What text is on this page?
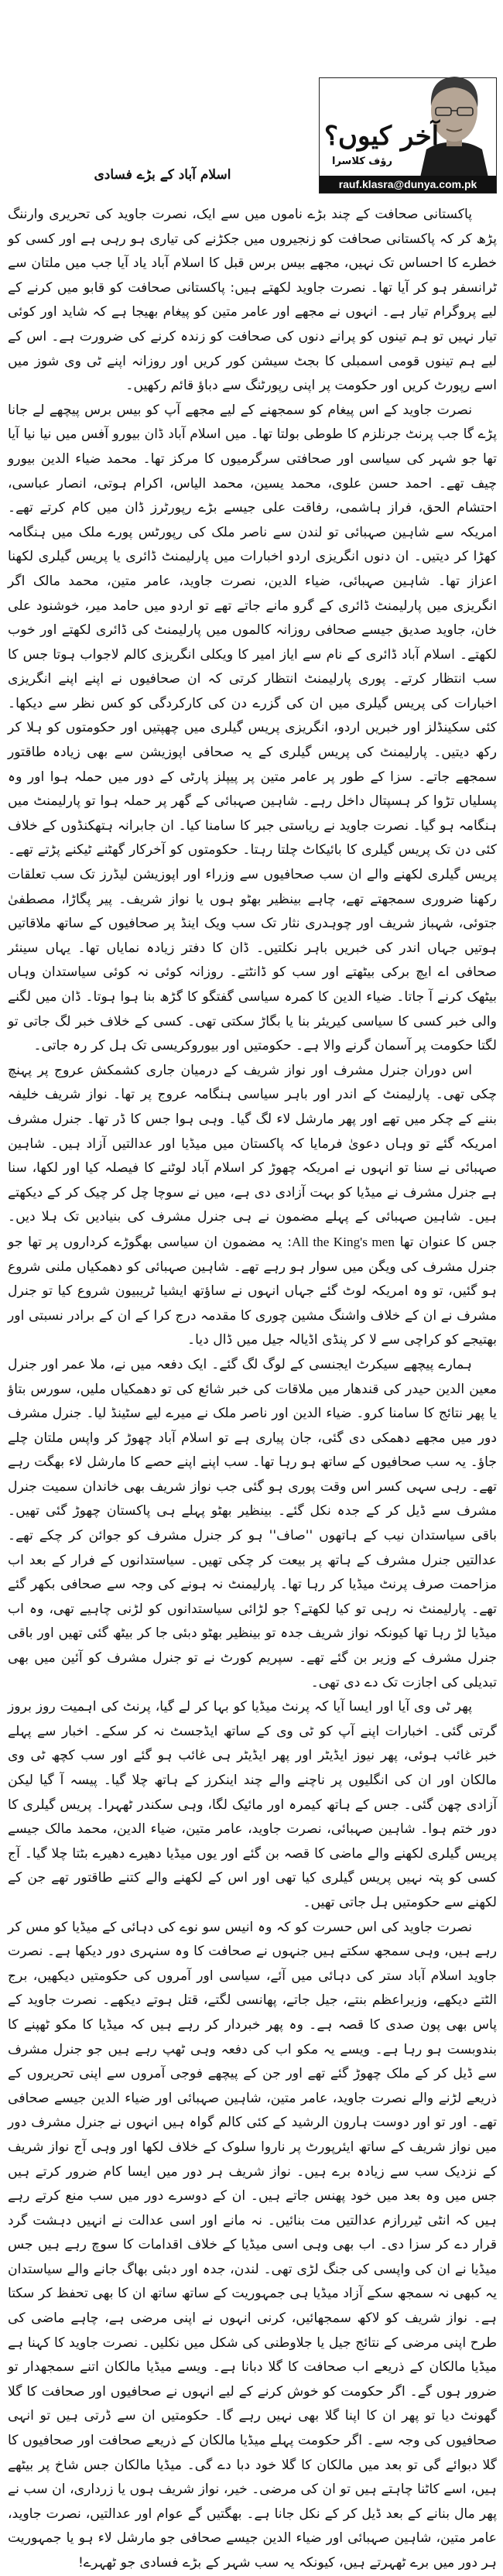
آخر کیوں؟
رؤف کلاسرا
rauf.klasra@dunya.com.pk
اسلام آباد کے بڑے فسادی

پاکستانی صحافت کے چند بڑے ناموں میں سے ایک، نصرت جاوید کی تحریری وارننگ پڑھ کر کہ پاکستانی صحافت کو زنجیروں میں جکڑنے کی تیاری ہو رہی ہے اور کسی کو خطرے کا احساس تک نہیں، مجھے بیس برس قبل کا اسلام آباد یاد آیا جب میں ملتان سے ٹرانسفر ہو کر آیا تھا۔ نصرت جاوید لکھتے ہیں: پاکستانی صحافت کو قابو میں کرنے کے لیے پروگرام تیار ہے۔ انہوں نے مجھے اور عامر متین کو پیغام بھیجا ہے کہ شاید اور کوئی تیار نہیں تو ہم تینوں کو پرانے دنوں کی صحافت کو زندہ کرنے کی ضرورت ہے۔ اس کے لیے ہم تینوں قومی اسمبلی کا بجٹ سیشن کور کریں اور روزانہ اپنے ٹی وی شوز میں اسے رپورٹ کریں اور حکومت پر اپنی رپورٹنگ سے دباؤ قائم رکھیں۔

نصرت جاوید کے اس پیغام کو سمجھنے کے لیے مجھے آپ کو بیس برس پیچھے لے جانا پڑے گا جب پرنٹ جرنلزم کا طوطی بولتا تھا۔ میں اسلام آباد ڈان بیورو آفس میں نیا نیا آیا تھا جو شہر کی سیاسی اور صحافتی سرگرمیوں کا مرکز تھا۔ محمد ضیاء الدین بیورو چیف تھے۔ احمد حسن علوی، محمد یسین، محمد الیاس، اکرام ہوتی، انصار عباسی، احتشام الحق، فراز ہاشمی، رفاقت علی جیسے بڑے رپورٹرز ڈان میں کام کرتے تھے۔ امریکہ سے شاہین صہبائی تو لندن سے ناصر ملک کی رپورٹس پورے ملک میں ہنگامہ کھڑا کر دیتیں۔ ان دنوں انگریزی اردو اخبارات میں پارلیمنٹ ڈائری یا پریس گیلری لکھنا اعزاز تھا۔ شاہین صہبائی، ضیاء الدین، نصرت جاوید، عامر متین، محمد مالک اگر انگریزی میں پارلیمنٹ ڈائری کے گرو مانے جاتے تھے تو اردو میں حامد میر، خوشنود علی خان، جاوید صدیق جیسے صحافی روزانہ کالموں میں پارلیمنٹ کی ڈائری لکھتے اور خوب لکھتے۔ اسلام آباد ڈائری کے نام سے ایاز امیر کا ویکلی انگریزی کالم لاجواب ہوتا جس کا سب انتظار کرتے۔ پوری پارلیمنٹ انتظار کرتی کہ ان صحافیوں نے اپنے اپنے انگریزی اخبارات کی پریس گیلری میں ان کی گزرے دن کی کارکردگی کو کس نظر سے دیکھا۔ کئی سکینڈلز اور خبریں اردو، انگریزی پریس گیلری میں چھپتیں اور حکومتوں کو ہلا کر رکھ دیتیں۔ پارلیمنٹ کی پریس گیلری کے یہ صحافی اپوزیشن سے بھی زیادہ طاقتور سمجھے جاتے۔ سزا کے طور پر عامر متین پر پیپلز پارٹی کے دور میں حملہ ہوا اور وہ پسلیاں تڑوا کر ہسپتال داخل رہے۔ شاہین صہبائی کے گھر پر حملہ ہوا تو پارلیمنٹ میں ہنگامہ ہو گیا۔ نصرت جاوید نے ریاستی جبر کا سامنا کیا۔ ان جابرانہ ہتھکنڈوں کے خلاف کئی دن تک پریس گیلری کا بائیکاٹ چلتا رہتا۔ حکومتوں کو آخرکار گھٹنے ٹیکنے پڑتے تھے۔ پریس گیلری لکھنے والے ان سب صحافیوں سے وزراء اور اپوزیشن لیڈرز تک سب تعلقات رکھنا ضروری سمجھتے تھے، چاہے بینظیر بھٹو ہوں یا نواز شریف۔ پیر پگاڑا، مصطفیٰ جتوئی، شہباز شریف اور چوہدری نثار تک سب ویک اینڈ پر صحافیوں کے ساتھ ملاقاتیں ہوتیں جہاں اندر کی خبریں باہر نکلتیں۔ ڈان کا دفتر زیادہ نمایاں تھا۔ یہاں سینئر صحافی اے ایچ برکی بیٹھتے اور سب کو ڈانٹتے۔ روزانہ کوئی نہ کوئی سیاستدان وہاں بیٹھک کرنے آ جاتا۔ ضیاء الدین کا کمرہ سیاسی گفتگو کا گڑھ بنا ہوا ہوتا۔ ڈان میں لگنے والی خبر کسی کا سیاسی کیریئر بنا یا بگاڑ سکتی تھی۔ کسی کے خلاف خبر لگ جاتی تو لگتا حکومت پر آسمان گرنے والا ہے۔ حکومتیں اور بیوروکریسی تک ہل کر رہ جاتی۔

اس دوران جنرل مشرف اور نواز شریف کے درمیان جاری کشمکش عروج پر پہنچ چکی تھی۔ پارلیمنٹ کے اندر اور باہر سیاسی ہنگامہ عروج پر تھا۔ نواز شریف خلیفہ بننے کے چکر میں تھے اور پھر مارشل لاء لگ گیا۔ وہی ہوا جس کا ڈر تھا۔ جنرل مشرف امریکہ گئے تو وہاں دعویٰ فرمایا کہ پاکستان میں میڈیا اور عدالتیں آزاد ہیں۔ شاہین صہبائی نے سنا تو انہوں نے امریکہ چھوڑ کر اسلام آباد لوٹنے کا فیصلہ کیا اور لکھا، سنا ہے جنرل مشرف نے میڈیا کو بہت آزادی دی ہے، میں نے سوچا چل کر چیک کر کے دیکھتے ہیں۔ شاہین صہبائی کے پہلے مضمون نے ہی جنرل مشرف کی بنیادیں تک ہلا دیں۔ جس کا عنوان تھا All the King's men: یہ مضمون ان سیاسی بھگوڑے کرداروں پر تھا جو جنرل مشرف کی ویگن میں سوار ہو رہے تھے۔ شاہین صہبائی کو دھمکیاں ملنی شروع ہو گئیں، تو وہ امریکہ لوٹ گئے جہاں انہوں نے ساؤتھ ایشیا ٹریبیون شروع کیا تو جنرل مشرف نے ان کے خلاف واشنگ مشین چوری کا مقدمہ درج کرا کے ان کے برادر نسبتی اور بھتیجے کو کراچی سے لا کر پنڈی اڈیالہ جیل میں ڈال دیا۔

ہمارے پیچھے سیکرٹ ایجنسی کے لوگ لگ گئے۔ ایک دفعہ میں نے، ملا عمر اور جنرل معین الدین حیدر کی قندھار میں ملاقات کی خبر شائع کی تو دھمکیاں ملیں، سورس بتاؤ یا پھر نتائج کا سامنا کرو۔ ضیاء الدین اور ناصر ملک نے میرے لیے سٹینڈ لیا۔ جنرل مشرف دور میں مجھے دھمکی دی گئی، جان پیاری ہے تو اسلام آباد چھوڑ کر واپس ملتان چلے جاؤ۔ یہ سب صحافیوں کے ساتھ ہو رہا تھا۔ سب اپنے اپنے حصے کا مارشل لاء بھگت رہے تھے۔ رہی سہی کسر اس وقت پوری ہو گئی جب نواز شریف بھی خاندان سمیت جنرل مشرف سے ڈیل کر کے جدہ نکل گئے۔ بینظیر بھٹو پہلے ہی پاکستان چھوڑ گئی تھیں۔ باقی سیاستدان نیب کے ہاتھوں ''صاف'' ہو کر جنرل مشرف کو جوائن کر چکے تھے۔ عدالتیں جنرل مشرف کے ہاتھ پر بیعت کر چکی تھیں۔ سیاستدانوں کے فرار کے بعد اب مزاحمت صرف پرنٹ میڈیا کر رہا تھا۔ پارلیمنٹ نہ ہونے کی وجہ سے صحافی بکھر گئے تھے۔ پارلیمنٹ نہ رہی تو کیا لکھتے؟ جو لڑائی سیاستدانوں کو لڑنی چاہیے تھی، وہ اب میڈیا لڑ رہا تھا کیونکہ نواز شریف جدہ تو بینظیر بھٹو دبئی جا کر بیٹھ گئی تھیں اور باقی جنرل مشرف کے وزیر بن گئے تھے۔ سپریم کورٹ نے تو جنرل مشرف کو آئین میں بھی تبدیلی کی اجازت تک دے دی تھی۔

پھر ٹی وی آیا اور ایسا آیا کہ پرنٹ میڈیا کو بہا کر لے گیا، پرنٹ کی اہمیت روز بروز گرتی گئی۔ اخبارات اپنے آپ کو ٹی وی کے ساتھ ایڈجسٹ نہ کر سکے۔ اخبار سے پہلے خبر غائب ہوئی، پھر نیوز ایڈیٹر اور پھر ایڈیٹر ہی غائب ہو گئے اور سب کچھ ٹی وی مالکان اور ان کی انگلیوں پر ناچنے والے چند اینکرز کے ہاتھ چلا گیا۔ پیسہ آ گیا لیکن آزادی چھن گئی۔ جس کے ہاتھ کیمرہ اور مائیک لگا، وہی سکندر ٹھہرا۔ پریس گیلری کا دور ختم ہوا۔ شاہین صہبائی، نصرت جاوید، عامر متین، ضیاء الدین، محمد مالک جیسے پریس گیلری لکھنے والے ماضی کا قصہ بن گئے اور یوں میڈیا دھیرے دھیرے بٹتا چلا گیا۔ آج کسی کو پتہ نہیں پریس گیلری کیا تھی اور اس کے لکھنے والے کتنے طاقتور تھے جن کے لکھنے سے حکومتیں ہل جاتی تھیں۔

نصرت جاوید کی اس حسرت کو کہ وہ انیس سو نوے کی دہائی کے میڈیا کو مس کر رہے ہیں، وہی سمجھ سکتے ہیں جنہوں نے صحافت کا وہ سنہری دور دیکھا ہے۔ نصرت جاوید اسلام آباد ستر کی دہائی میں آئے، سیاسی اور آمروں کی حکومتیں دیکھیں، برج الٹتے دیکھے، وزیراعظم بنتے، جیل جاتے، پھانسی لگتے، قتل ہوتے دیکھے۔ نصرت جاوید کے پاس بھی پون صدی کا قصہ ہے۔ وہ پھر خبردار کر رہے ہیں کہ میڈیا کا مکو ٹھپنے کا بندوبست ہو رہا ہے۔ ویسے یہ مکو اب کی دفعہ وہی ٹھپ رہے ہیں جو جنرل مشرف سے ڈیل کر کے ملک چھوڑ گئے تھے اور جن کے پیچھے فوجی آمروں سے اپنی تحریروں کے ذریعے لڑنے والے نصرت جاوید، عامر متین، شاہین صہبائی اور ضیاء الدین جیسے صحافی تھے۔ اور تو اور دوست ہارون الرشید کے کئی کالم گواہ ہیں انہوں نے جنرل مشرف دور میں نواز شریف کے ساتھ ایئرپورٹ پر ناروا سلوک کے خلاف لکھا اور وہی آج نواز شریف کے نزدیک سب سے زیادہ برے ہیں۔ نواز شریف ہر دور میں ایسا کام ضرور کرتے ہیں جس میں وہ بعد میں خود پھنس جاتے ہیں۔ ان کے دوسرے دور میں سب منع کرتے رہے ہیں کہ انٹی ٹیررازم عدالتیں مت بنائیں۔ نہ مانے اور اسی عدالت نے انہیں دہشت گرد قرار دے کر سزا دی۔ اب بھی وہی اسی میڈیا کے خلاف اقدامات کا سوچ رہے ہیں جس میڈیا نے ان کی واپسی کی جنگ لڑی تھی۔ لندن، جدہ اور دبئی بھاگ جانے والے سیاستدان یہ کبھی نہ سمجھ سکے آزاد میڈیا ہی جمہوریت کے ساتھ ساتھ ان کا بھی تحفظ کر سکتا ہے۔ نواز شریف کو لاکھ سمجھائیں، کرنی انہوں نے اپنی مرضی ہے، چاہے ماضی کی طرح اپنی مرضی کے نتائج جیل یا جلاوطنی کی شکل میں نکلیں۔ نصرت جاوید کا کہنا ہے میڈیا مالکان کے ذریعے اب صحافت کا گلا دبانا ہے۔ ویسے میڈیا مالکان اتنے سمجھدار تو ضرور ہوں گے۔ اگر حکومت کو خوش کرنے کے لیے انہوں نے صحافیوں اور صحافت کا گلا گھونٹ دیا تو پھر ان کا اپنا گلا بھی نہیں رہے گا۔ حکومتیں ان سے ڈرتی ہیں تو انہی صحافیوں کی وجہ سے۔ اگر حکومت پہلے میڈیا مالکان کے ذریعے صحافت اور صحافیوں کا گلا دبوائے گی تو بعد میں مالکان کا گلا خود دبا دے گی۔ میڈیا مالکان جس شاخ پر بیٹھے ہیں، اسے کاٹنا چاہتے ہیں تو ان کی مرضی۔ خیر، نواز شریف ہوں یا زرداری، ان سب نے پھر مال بنانے کے بعد ڈیل کر کے نکل جانا ہے۔ بھگتیں گے عوام اور عدالتیں، نصرت جاوید، عامر متین، شاہین صہبائی اور ضیاء الدین جیسے صحافی جو مارشل لاء ہو یا جمہوریت ہر دور میں برے ٹھہرتے ہیں، کیونکہ یہ سب شہر کے بڑے فسادی جو ٹھہرے!
